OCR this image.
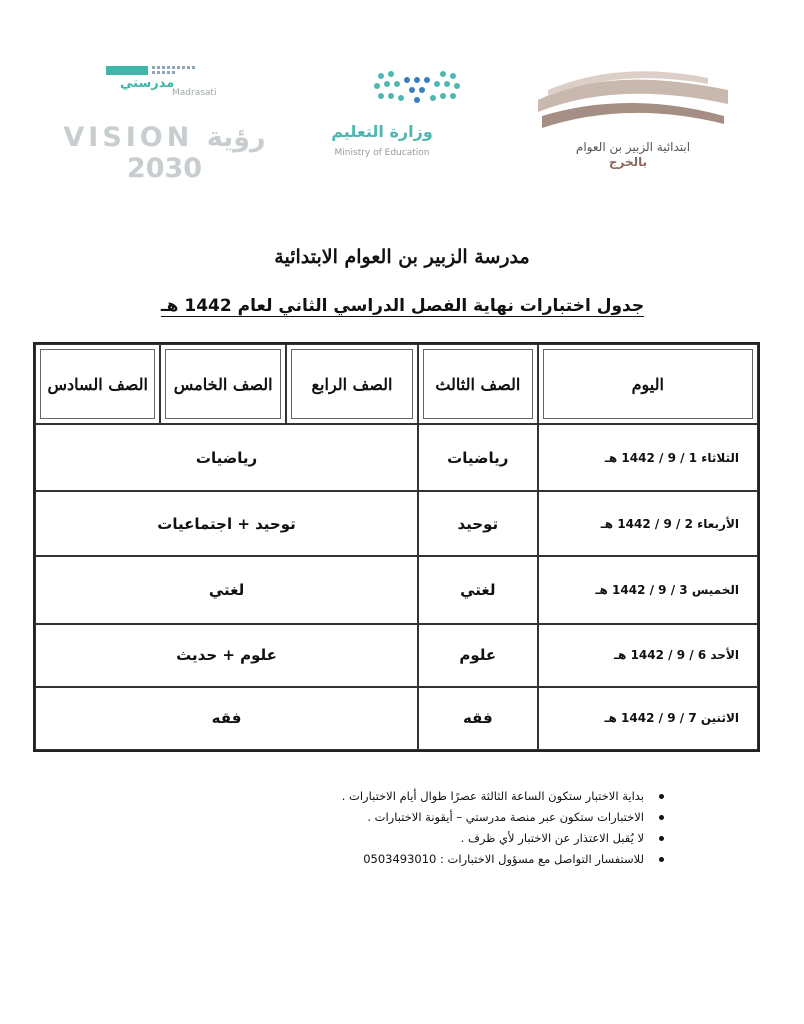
مدرستي
Madrasati
VISION رؤية 2030
وزارة التعليم
Ministry of Education	ابتدائية الزبير بن العوام
بالخرج
مدرسة الزبير بن العوام الابتدائية
جدول اختبارات نهاية الفصل الدراسي الثاني لعام 1442 هـ
اليوم	الصف الثالث	الصف الرابع	الصف الخامس	الصف السادس

الثلاثاء 1 / 9 / 1442 هـ	رياضيات	رياضيات		
الأربعاء 2 / 9 / 1442 هـ	توحيد	توحيد + اجتماعيات		
الخميس 3 / 9 / 1442 هـ	لغتي	لغتي		
الأحد 6 / 9 / 1442 هـ	علوم	علوم + حديث		
الاثنين 7 / 9 / 1442 هـ	فقه	فقه		
بداية الاختبار ستكون الساعة الثالثة عصرًا طوال أيام الاختبارات .
الاختبارات ستكون عبر منصة مدرستي – أيقونة الاختبارات .
لا يُقبل الاعتذار عن الاختبار لأي ظرف .
للاستفسار التواصل مع مسؤول الاختبارات : 0503493010
